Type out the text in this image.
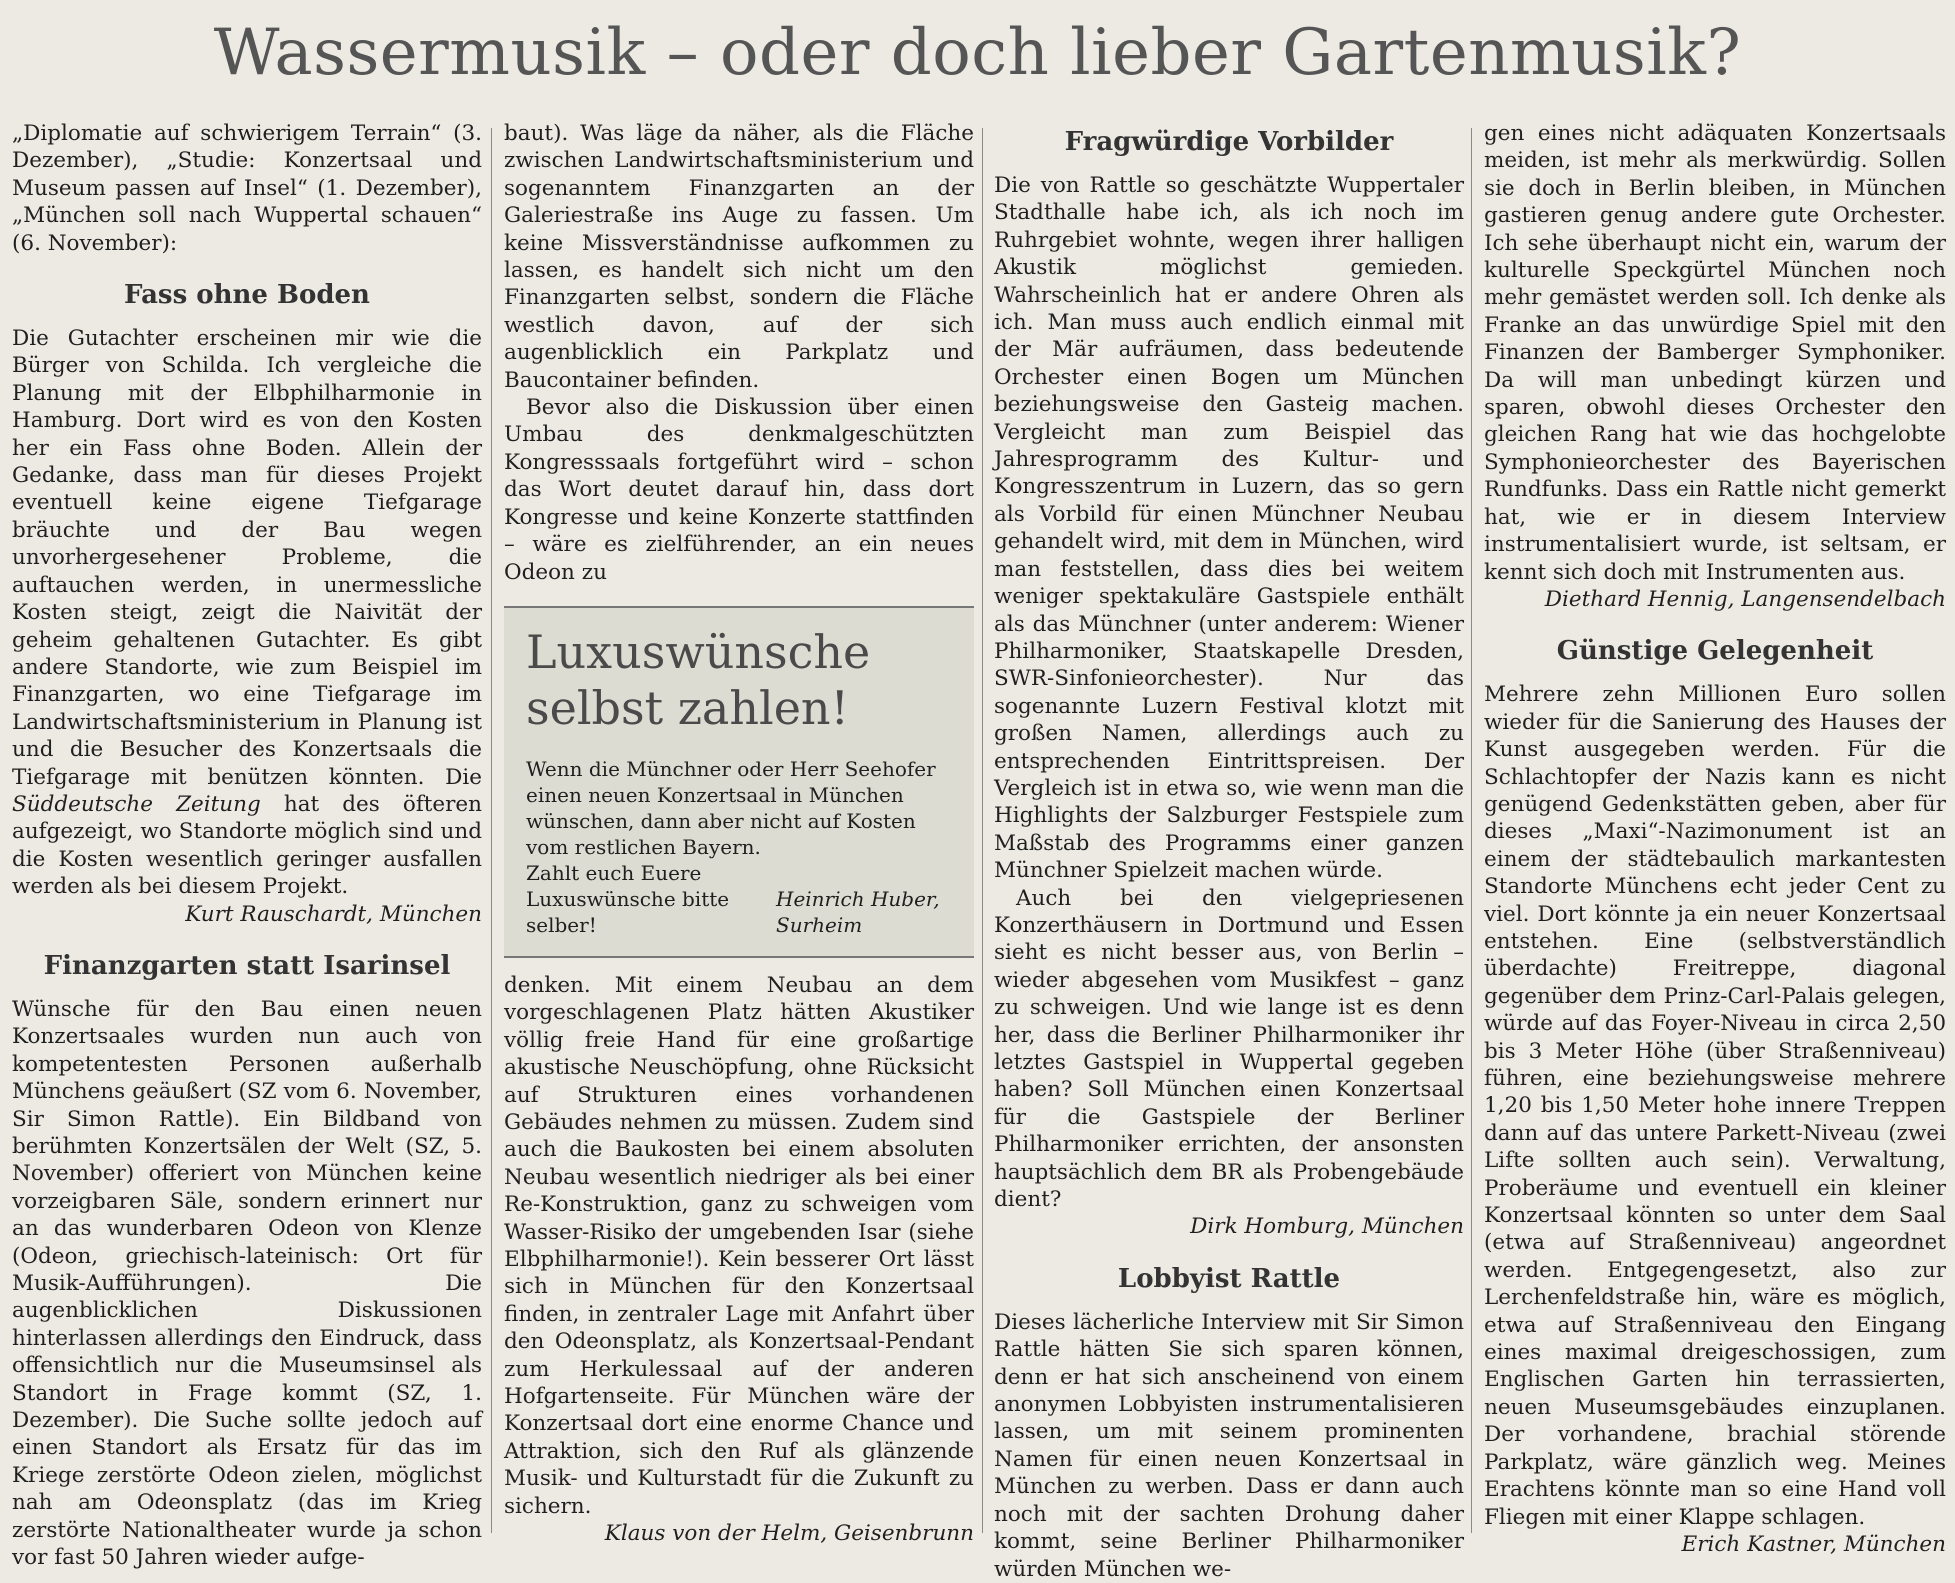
Wassermusik – oder doch lieber Gartenmusik?

„Diplomatie auf schwierigem Terrain“ (3. Dezember), „Studie: Konzertsaal und Museum passen auf Insel“ (1. Dezember), „München soll nach Wuppertal schauen“ (6. November):

Fass ohne Boden

Die Gutachter erscheinen mir wie die Bürger von Schilda. Ich vergleiche die Planung mit der Elbphilharmonie in Hamburg. Dort wird es von den Kosten her ein Fass ohne Boden. Allein der Gedanke, dass man für dieses Projekt eventuell keine eigene Tiefgarage bräuchte und der Bau wegen unvorhergesehener Probleme, die auftauchen werden, in unermessliche Kosten steigt, zeigt die Naivität der geheim gehaltenen Gutachter. Es gibt andere Standorte, wie zum Beispiel im Finanzgarten, wo eine Tiefgarage im Landwirtschaftsministerium in Planung ist und die Besucher des Konzertsaals die Tiefgarage mit benützen könnten. Die Süddeutsche Zeitung hat des öfteren aufgezeigt, wo Standorte möglich sind und die Kosten wesentlich geringer ausfallen werden als bei diesem Projekt.

Kurt Rauschardt, München

Finanzgarten statt Isarinsel

Wünsche für den Bau einen neuen Konzertsaales wurden nun auch von kompetentesten Personen außerhalb Münchens geäußert (SZ vom 6. November, Sir Simon Rattle). Ein Bildband von berühmten Konzertsälen der Welt (SZ, 5. November) offeriert von München keine vorzeigbaren Säle, sondern erinnert nur an das wunderbaren Odeon von Klenze (Odeon, griechisch-lateinisch: Ort für Musik-Aufführungen). Die augenblicklichen Diskussionen hinterlassen allerdings den Eindruck, dass offensichtlich nur die Museumsinsel als Standort in Frage kommt (SZ, 1. Dezember). Die Suche sollte jedoch auf einen Standort als Ersatz für das im Kriege zerstörte Odeon zielen, möglichst nah am Odeonsplatz (das im Krieg zerstörte Nationaltheater wurde ja schon vor fast 50 Jahren wieder aufge-

baut). Was läge da näher, als die Fläche zwischen Landwirtschaftsministerium und sogenanntem Finanzgarten an der Galeriestraße ins Auge zu fassen. Um keine Missverständnisse aufkommen zu lassen, es handelt sich nicht um den Finanzgarten selbst, sondern die Fläche westlich davon, auf der sich augenblicklich ein Parkplatz und Baucontainer befinden.

Bevor also die Diskussion über einen Umbau des denkmalgeschützten Kongresssaals fortgeführt wird – schon das Wort deutet darauf hin, dass dort Kongresse und keine Konzerte stattfinden – wäre es zielführender, an ein neues Odeon zu

Luxuswünsche
selbst zahlen!

Wenn die Münchner oder Herr Seehofer einen neuen Konzertsaal in München wünschen, dann aber nicht auf Kosten vom restlichen Bayern.

Zahlt euch Euere Luxuswünsche bitte selber!

Heinrich Huber, Surheim

denken. Mit einem Neubau an dem vorgeschlagenen Platz hätten Akustiker völlig freie Hand für eine großartige akustische Neuschöpfung, ohne Rücksicht auf Strukturen eines vorhandenen Gebäudes nehmen zu müssen. Zudem sind auch die Baukosten bei einem absoluten Neubau wesentlich niedriger als bei einer Re-Konstruktion, ganz zu schweigen vom Wasser-Risiko der umgebenden Isar (siehe Elbphilharmonie!). Kein besserer Ort lässt sich in München für den Konzertsaal finden, in zentraler Lage mit Anfahrt über den Odeonsplatz, als Konzertsaal-Pendant zum Herkulessaal auf der anderen Hofgartenseite. Für München wäre der Konzertsaal dort eine enorme Chance und Attraktion, sich den Ruf als glänzende Musik- und Kulturstadt für die Zukunft zu sichern.

Klaus von der Helm, Geisenbrunn

Fragwürdige Vorbilder

Die von Rattle so geschätzte Wuppertaler Stadthalle habe ich, als ich noch im Ruhrgebiet wohnte, wegen ihrer halligen Akustik möglichst gemieden. Wahrscheinlich hat er andere Ohren als ich. Man muss auch endlich einmal mit der Mär aufräumen, dass bedeutende Orchester einen Bogen um München beziehungsweise den Gasteig machen. Vergleicht man zum Beispiel das Jahresprogramm des Kultur- und Kongresszentrum in Luzern, das so gern als Vorbild für einen Münchner Neubau gehandelt wird, mit dem in München, wird man feststellen, dass dies bei weitem weniger spektakuläre Gastspiele enthält als das Münchner (unter anderem: Wiener Philharmoniker, Staatskapelle Dresden, SWR-Sinfonieorchester). Nur das sogenannte Luzern Festival klotzt mit großen Namen, allerdings auch zu entsprechenden Eintrittspreisen. Der Vergleich ist in etwa so, wie wenn man die Highlights der Salzburger Festspiele zum Maßstab des Programms einer ganzen Münchner Spielzeit machen würde.

Auch bei den vielgepriesenen Konzerthäusern in Dortmund und Essen sieht es nicht besser aus, von Berlin – wieder abgesehen vom Musikfest – ganz zu schweigen. Und wie lange ist es denn her, dass die Berliner Philharmoniker ihr letztes Gastspiel in Wuppertal gegeben haben? Soll München einen Konzertsaal für die Gastspiele der Berliner Philharmoniker errichten, der ansonsten hauptsächlich dem BR als Probengebäude dient?

Dirk Homburg, München

Lobbyist Rattle

Dieses lächerliche Interview mit Sir Simon Rattle hätten Sie sich sparen können, denn er hat sich anscheinend von einem anonymen Lobbyisten instrumentalisieren lassen, um mit seinem prominenten Namen für einen neuen Konzertsaal in München zu werben. Dass er dann auch noch mit der sachten Drohung daher kommt, seine Berliner Philharmoniker würden München we-

gen eines nicht adäquaten Konzertsaals meiden, ist mehr als merkwürdig. Sollen sie doch in Berlin bleiben, in München gastieren genug andere gute Orchester. Ich sehe überhaupt nicht ein, warum der kulturelle Speckgürtel München noch mehr gemästet werden soll. Ich denke als Franke an das unwürdige Spiel mit den Finanzen der Bamberger Symphoniker. Da will man unbedingt kürzen und sparen, obwohl dieses Orchester den gleichen Rang hat wie das hochgelobte Symphonieorchester des Bayerischen Rundfunks. Dass ein Rattle nicht gemerkt hat, wie er in diesem Interview instrumentalisiert wurde, ist seltsam, er kennt sich doch mit Instrumenten aus.

Diethard Hennig, Langensendelbach

Günstige Gelegenheit

Mehrere zehn Millionen Euro sollen wieder für die Sanierung des Hauses der Kunst ausgegeben werden. Für die Schlachtopfer der Nazis kann es nicht genügend Gedenkstätten geben, aber für dieses „Maxi“-Nazimonument ist an einem der städtebaulich markantesten Standorte Münchens echt jeder Cent zu viel. Dort könnte ja ein neuer Konzertsaal entstehen. Eine (selbstverständlich überdachte) Freitreppe, diagonal gegenüber dem Prinz-Carl-Palais gelegen, würde auf das Foyer-Niveau in circa 2,50 bis 3 Meter Höhe (über Straßenniveau) führen, eine beziehungsweise mehrere 1,20 bis 1,50 Meter hohe innere Treppen dann auf das untere Parkett-Niveau (zwei Lifte sollten auch sein). Verwaltung, Proberäume und eventuell ein kleiner Konzertsaal könnten so unter dem Saal (etwa auf Straßenniveau) angeordnet werden. Entgegengesetzt, also zur Lerchenfeldstraße hin, wäre es möglich, etwa auf Straßenniveau den Eingang eines maximal dreigeschossigen, zum Englischen Garten hin terrassierten, neuen Museumsgebäudes einzuplanen. Der vorhandene, brachial störende Parkplatz, wäre gänzlich weg. Meines Erachtens könnte man so eine Hand voll Fliegen mit einer Klappe schlagen.

Erich Kastner, München
